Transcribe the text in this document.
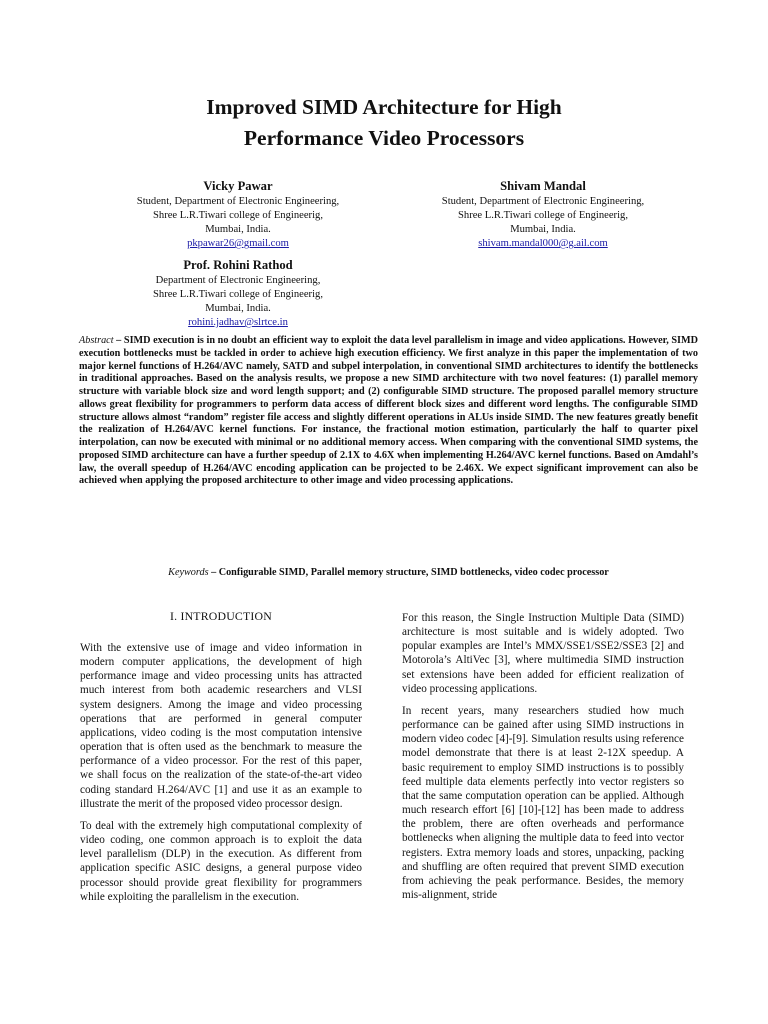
Improved SIMD Architecture for High
Performance Video Processors
Vicky Pawar
Student, Department of Electronic Engineering,
Shree L.R.Tiwari college of Engineerig,
Mumbai, India.
pkpawar26@gmail.com
Shivam Mandal
Student, Department of Electronic Engineering,
Shree L.R.Tiwari college of Engineerig,
Mumbai, India.
shivam.mandal000@g.ail.com
Prof. Rohini Rathod
Department of Electronic Engineering,
Shree L.R.Tiwari college of Engineerig,
Mumbai, India.
rohini.jadhav@slrtce.in
Abstract – SIMD execution is in no doubt an efficient way to exploit the data level parallelism in image and video applications. However, SIMD execution bottlenecks must be tackled in order to achieve high execution efficiency. We first analyze in this paper the implementation of two major kernel functions of H.264/AVC namely, SATD and subpel interpolation, in conventional SIMD architectures to identify the bottlenecks in traditional approaches. Based on the analysis results, we propose a new SIMD architecture with two novel features: (1) parallel memory structure with variable block size and word length support; and (2) configurable SIMD structure. The proposed parallel memory structure allows great flexibility for programmers to perform data access of different block sizes and different word lengths. The configurable SIMD structure allows almost “random” register file access and slightly different operations in ALUs inside SIMD. The new features greatly benefit the realization of H.264/AVC kernel functions. For instance, the fractional motion estimation, particularly the half to quarter pixel interpolation, can now be executed with minimal or no additional memory access. When comparing with the conventional SIMD systems, the proposed SIMD architecture can have a further speedup of 2.1X to 4.6X when implementing H.264/AVC kernel functions. Based on Amdahl’s law, the overall speedup of H.264/AVC encoding application can be projected to be 2.46X. We expect significant improvement can also be achieved when applying the proposed architecture to other image and video processing applications.
Keywords – Configurable SIMD, Parallel memory structure, SIMD bottlenecks, video codec processor
I. INTRODUCTION

With the extensive use of image and video information in modern computer applications, the development of high performance image and video processing units has attracted much interest from both academic researchers and VLSI system designers. Among the image and video processing operations that are performed in general computer applications, video coding is the most computation intensive operation that is often used as the benchmark to measure the performance of a video processor. For the rest of this paper, we shall focus on the realization of the state-of-the-art video coding standard H.264/AVC [1] and use it as an example to illustrate the merit of the proposed video processor design.

To deal with the extremely high computational complexity of video coding, one common approach is to exploit the data level parallelism (DLP) in the execution. As different from application specific ASIC designs, a general purpose video processor should provide great flexibility for programmers while exploiting the parallelism in the execution.

For this reason, the Single Instruction Multiple Data (SIMD) architecture is most suitable and is widely adopted. Two popular examples are Intel’s MMX/SSE1/SSE2/SSE3 [2] and Motorola’s AltiVec [3], where multimedia SIMD instruction set extensions have been added for efficient realization of video processing applications.

In recent years, many researchers studied how much performance can be gained after using SIMD instructions in modern video codec [4]-[9]. Simulation results using reference model demonstrate that there is at least 2-12X speedup. A basic requirement to employ SIMD instructions is to possibly feed multiple data elements perfectly into vector registers so that the same computation operation can be applied. Although much research effort [6] [10]-[12] has been made to address the problem, there are often overheads and performance bottlenecks when aligning the multiple data to feed into vector registers. Extra memory loads and stores, unpacking, packing and shuffling are often required that prevent SIMD execution from achieving the peak performance. Besides, the memory mis-alignment, stride
